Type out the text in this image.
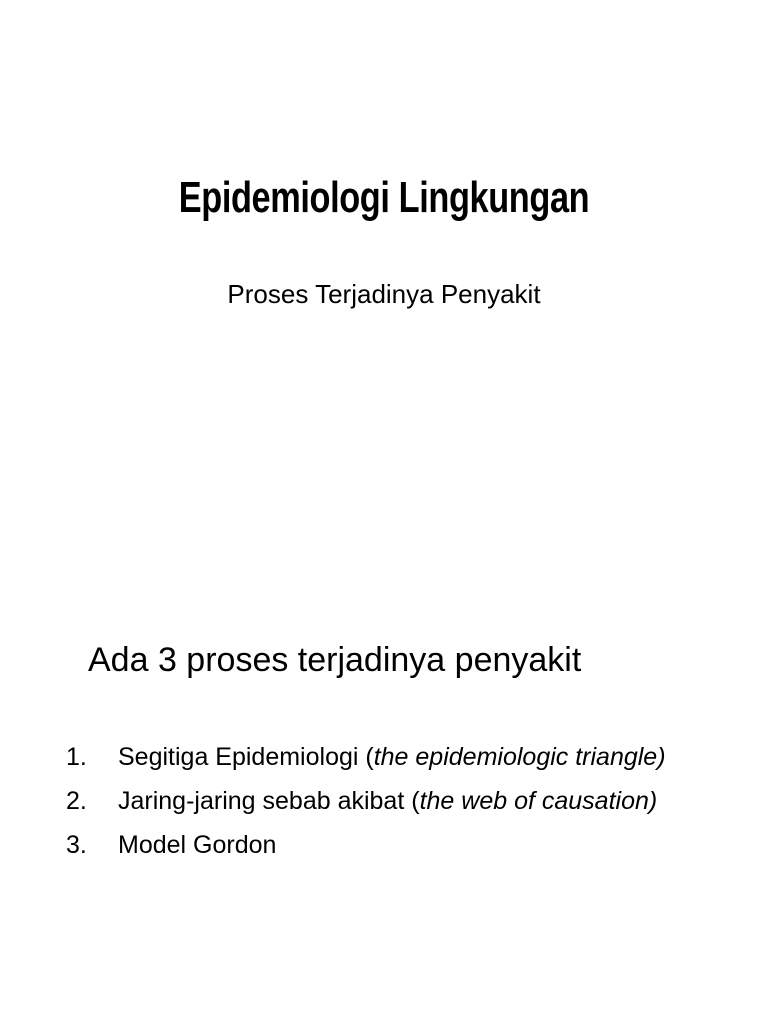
Epidemiologi Lingkungan

Proses Terjadinya Penyakit

Ada 3 proses terjadinya penyakit

1. Segitiga Epidemiologi (the epidemiologic triangle)
2. Jaring-jaring sebab akibat (the web of causation)
3. Model Gordon
